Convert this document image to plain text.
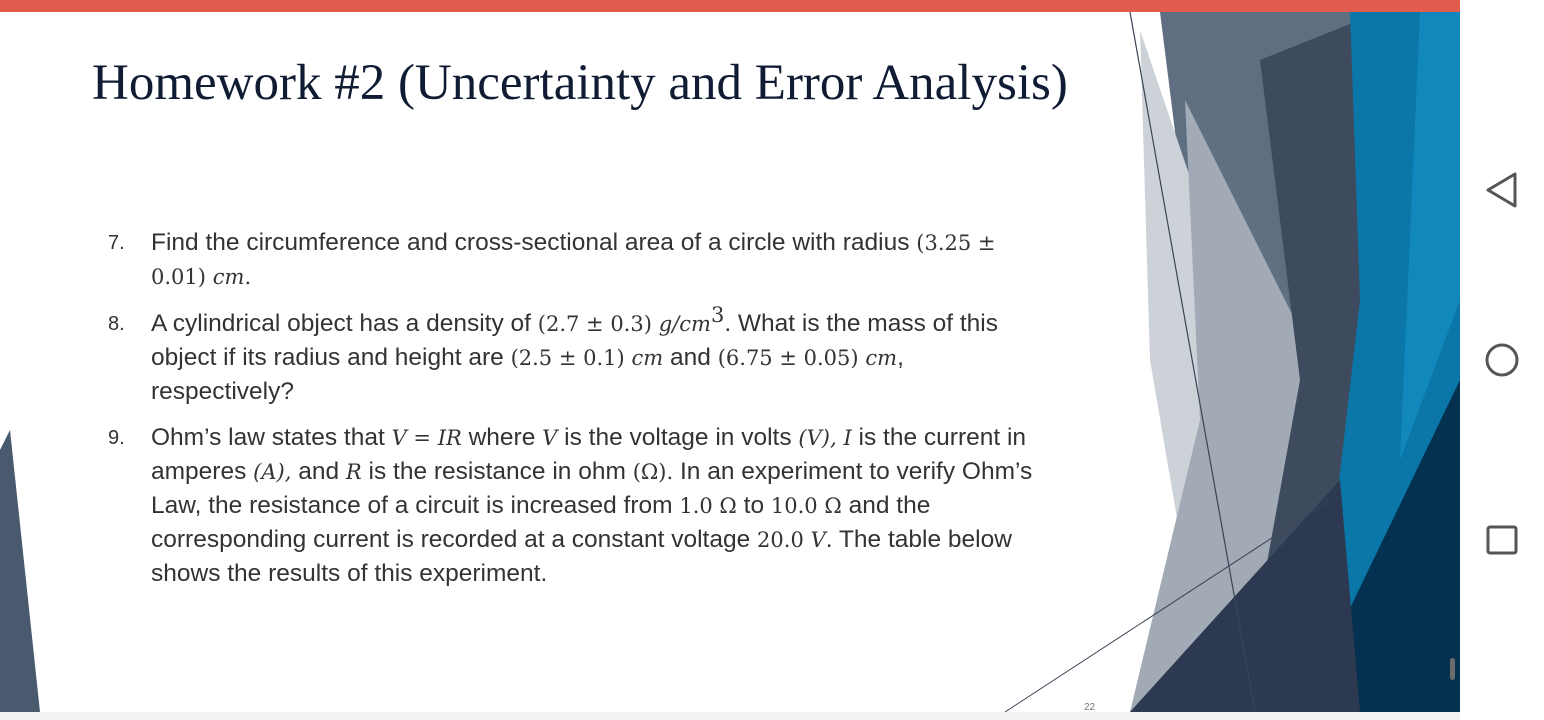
Homework #2 (Uncertainty and Error Analysis)
7. Find the circumference and cross-sectional area of a circle with radius (3.25 ± 0.01) cm.
8. A cylindrical object has a density of (2.7 ± 0.3) $g/cm^3$. What is the mass of this object if its radius and height are (2.5 ± 0.1) cm and (6.75 ± 0.05) cm, respectively?
9. Ohm’s law states that V = IR where V is the voltage in volts (V), I is the current in amperes (A), and R is the resistance in ohm (Ω). In an experiment to verify Ohm’s Law, the resistance of a circuit is increased from 1.0 Ω to 10.0 Ω and the corresponding current is recorded at a constant voltage 20.0 V. The table below shows the results of this experiment.
22
